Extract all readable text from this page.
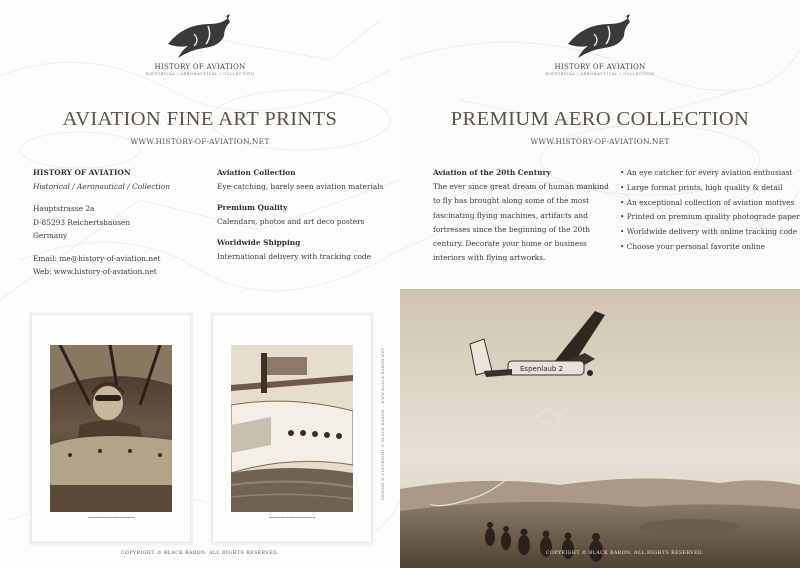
HISTORY OF AVIATION
HISTORICAL / AERONAUTICAL / COLLECTION
AVIATION FINE ART PRINTS
WWW.HISTORY-OF-AVIATION.NET
HISTORY OF AVIATION
Historical / Aeronautical / Collection
Hauptstrasse 2a
D-85293 Reichertshausen
Germany
Email: me@history-of-aviation.net
Web: www.history-of-aviation.net
Aviation Collection
Eye-catching, barely seen aviation materials
Premium Quality
Calendars, photos and art deco posters
Worldwide Shipping
International delivery with tracking code
▬▬▬▬▬▬▬▬▬▬▬▬▬▬▬▬▬▬▬	▬▬▬▬▬▬▬▬▬▬▬▬▬▬▬▬▬▬▬
COPYRIGHT © BLACK BARON. ALL RIGHTS RESERVED.
DESIGN & COPYRIGHT © BLACK BARON – WWW.BLACK-BARON.NET
HISTORY OF AVIATION
HISTORICAL / AERONAUTICAL / COLLECTION
PREMIUM AERO COLLECTION
WWW.HISTORY-OF-AVIATION.NET
Aviation of the 20th Century
The ever since great dream of human mankind
to fly has brought along some of the most
fascinating flying machines, artifacts and
fortresses since the beginning of the 20th
century. Decorate your home or business
interiors with flying artworks.
• An eye catcher for every aviation enthusiast
• Large format prints, high quality & detail
• An exceptional collection of aviation motives
• Printed on premium quality photograde paper
• Worldwide delivery with online tracking code
• Choose your personal favorite online
Espenlaub 2
COPYRIGHT © BLACK BARON. ALL RIGHTS RESERVED.
